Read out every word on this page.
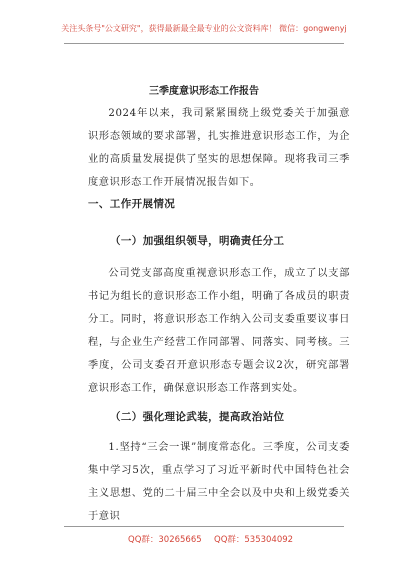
关注头条号"公文研究"，获得最新最全最专业的公文资料库！ 微信：gongwenyj
三季度意识形态工作报告

2024年以来，我司紧紧围绕上级党委关于加强意识形态领域的要求部署，扎实推进意识形态工作，为企业的高质量发展提供了坚实的思想保障。现将我司三季度意识形态工作开展情况报告如下。

一、工作开展情况
（一）加强组织领导，明确责任分工

公司党支部高度重视意识形态工作，成立了以支部书记为组长的意识形态工作小组，明确了各成员的职责分工。同时，将意识形态工作纳入公司支委重要议事日程，与企业生产经营工作同部署、同落实、同考核。三季度，公司支委召开意识形态专题会议2次，研究部署意识形态工作，确保意识形态工作落到实处。

（二）强化理论武装，提高政治站位

1.坚持“三会一课”制度常态化。三季度，公司支委集中学习5次，重点学习了习近平新时代中国特色社会主义思想、党的二十届三中全会以及中央和上级党委关于意识

QQ群：30265665 QQ群：535304092
